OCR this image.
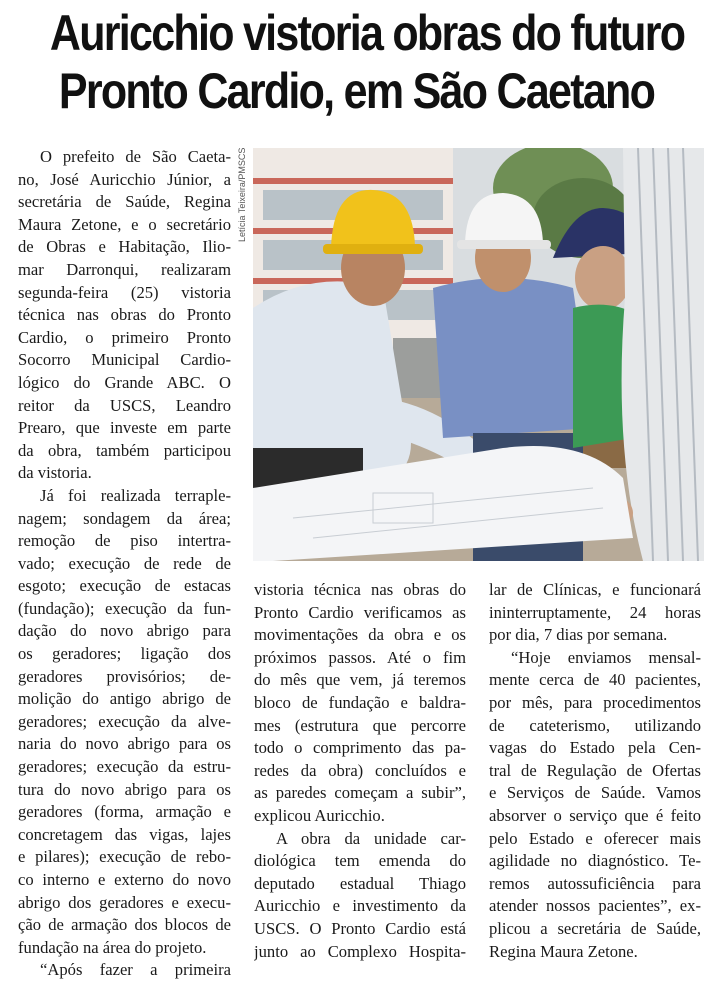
Auricchio vistoria obras do futuro
Pronto Cardio, em São Caetano
O prefeito de São Caeta-
no, José Auricchio Júnior, a
secretária de Saúde, Regina
Maura Zetone, e o secretário
de Obras e Habitação, Ilio-
mar Darronqui, realizaram
segunda-feira (25) vistoria
técnica nas obras do Pronto
Cardio, o primeiro Pronto
Socorro Municipal Cardio-
lógico do Grande ABC. O
reitor da USCS, Leandro
Prearo, que investe em parte
da obra, também participou
da vistoria.
Já foi realizada terraple-
nagem; sondagem da área;
remoção de piso intertra-
vado; execução de rede de
esgoto; execução de estacas
(fundação); execução da fun-
dação do novo abrigo para
os geradores; ligação dos
geradores provisórios; de-
molição do antigo abrigo de
geradores; execução da alve-
naria do novo abrigo para os
geradores; execução da estru-
tura do novo abrigo para os
geradores (forma, armação e
concretagem das vigas, lajes
e pilares); execução de rebo-
co interno e externo do novo
abrigo dos geradores e execu-
ção de armação dos blocos de
fundação na área do projeto.
“Após fazer a primeira
Letícia Teixeira/PMSCS
vistoria técnica nas obras do
Pronto Cardio verificamos as
movimentações da obra e os
próximos passos. Até o fim
do mês que vem, já teremos
bloco de fundação e baldra-
mes (estrutura que percorre
todo o comprimento das pa-
redes da obra) concluídos e
as paredes começam a subir”,
explicou Auricchio.
A obra da unidade car-
diológica tem emenda do
deputado estadual Thiago
Auricchio e investimento da
USCS. O Pronto Cardio está
junto ao Complexo Hospita-
lar de Clínicas, e funcionará
ininterruptamente, 24 horas
por dia, 7 dias por semana.
“Hoje enviamos mensal-
mente cerca de 40 pacientes,
por mês, para procedimentos
de cateterismo, utilizando
vagas do Estado pela Cen-
tral de Regulação de Ofertas
e Serviços de Saúde. Vamos
absorver o serviço que é feito
pelo Estado e oferecer mais
agilidade no diagnóstico. Te-
remos autossuficiência para
atender nossos pacientes”, ex-
plicou a secretária de Saúde,
Regina Maura Zetone.
